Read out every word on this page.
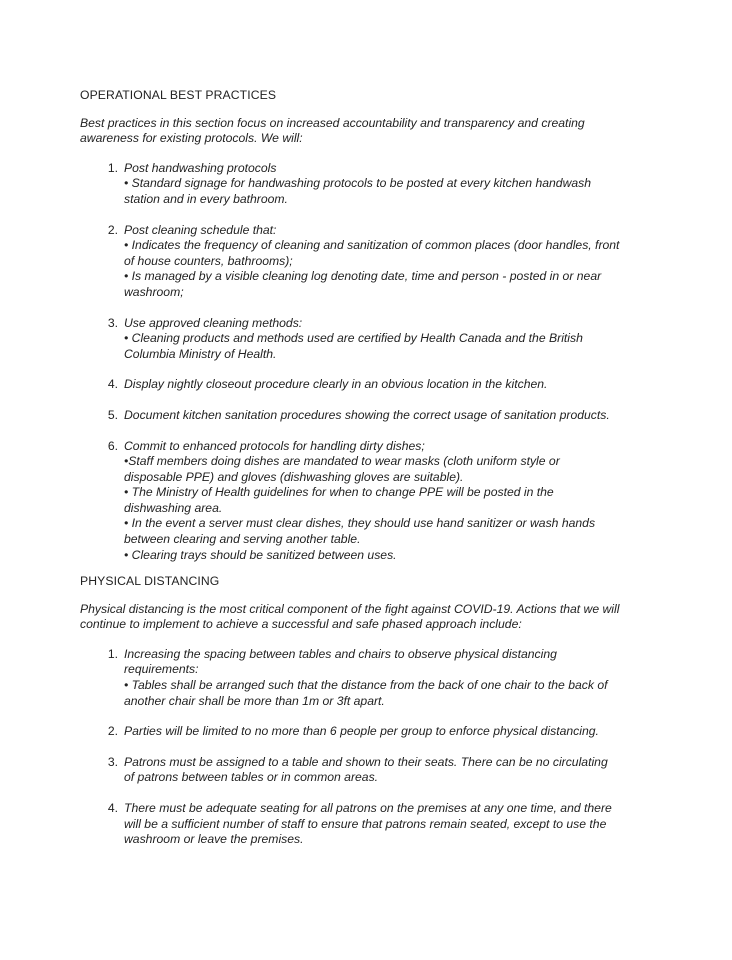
OPERATIONAL BEST PRACTICES
Best practices in this section focus on increased accountability and transparency and creating awareness for existing protocols. We will:
1. Post handwashing protocols
• Standard signage for handwashing protocols to be posted at every kitchen handwash station and in every bathroom.
2. Post cleaning schedule that:
• Indicates the frequency of cleaning and sanitization of common places (door handles, front of house counters, bathrooms);
• Is managed by a visible cleaning log denoting date, time and person - posted in or near washroom;
3. Use approved cleaning methods:
• Cleaning products and methods used are certified by Health Canada and the British Columbia Ministry of Health.
4. Display nightly closeout procedure clearly in an obvious location in the kitchen.
5. Document kitchen sanitation procedures showing the correct usage of sanitation products.
6. Commit to enhanced protocols for handling dirty dishes;
•Staff members doing dishes are mandated to wear masks (cloth uniform style or disposable PPE) and gloves (dishwashing gloves are suitable).
• The Ministry of Health guidelines for when to change PPE will be posted in the dishwashing area.
• In the event a server must clear dishes, they should use hand sanitizer or wash hands between clearing and serving another table.
• Clearing trays should be sanitized between uses.
PHYSICAL DISTANCING
Physical distancing is the most critical component of the fight against COVID-19. Actions that we will continue to implement to achieve a successful and safe phased approach include:
1. Increasing the spacing between tables and chairs to observe physical distancing requirements:
• Tables shall be arranged such that the distance from the back of one chair to the back of another chair shall be more than 1m or 3ft apart.
2. Parties will be limited to no more than 6 people per group to enforce physical distancing.
3. Patrons must be assigned to a table and shown to their seats. There can be no circulating of patrons between tables or in common areas.
4. There must be adequate seating for all patrons on the premises at any one time, and there will be a sufficient number of staff to ensure that patrons remain seated, except to use the washroom or leave the premises.
